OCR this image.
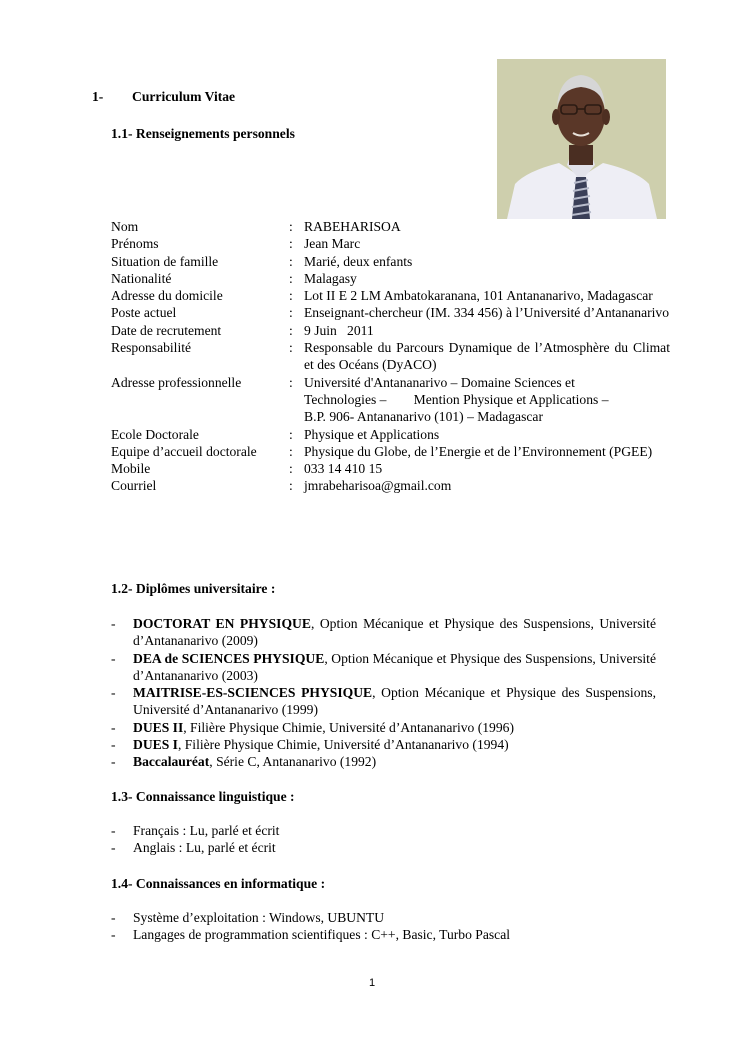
1- Curriculum Vitae
1.1- Renseignements personnels
Nom	: RABEHARISOA
Prénoms	: Jean Marc
Situation de famille	: Marié, deux enfants
Nationalité	: Malagasy
Adresse du domicile	: Lot II E 2 LM Ambatokaranana, 101 Antananarivo, Madagascar
Poste actuel	: Enseignant-chercheur (IM. 334 456) à l’Université d’Antananarivo
Date de recrutement	: 9 Juin   2011
Responsabilité	: Responsable du Parcours Dynamique de l’Atmosphère du Climat et des Océans (DyACO)
Adresse professionnelle	: Université d'Antananarivo – Domaine Sciences et
Technologies –        Mention Physique et Applications –
B.P. 906- Antananarivo (101) – Madagascar
Ecole Doctorale	: Physique et Applications
Equipe d’accueil doctorale	: Physique du Globe, de l’Energie et de l’Environnement (PGEE)
Mobile	: 033 14 410 15
Courriel	: jmrabeharisoa@gmail.com
1.2- Diplômes universitaire :
-	DOCTORAT EN PHYSIQUE, Option Mécanique et Physique des Suspensions, Université d’Antananarivo (2009)
-	DEA de SCIENCES PHYSIQUE, Option Mécanique et Physique des Suspensions, Université d’Antananarivo (2003)
-	MAITRISE-ES-SCIENCES PHYSIQUE, Option Mécanique et Physique des Suspensions, Université d’Antananarivo (1999)
-	DUES II, Filière Physique Chimie, Université d’Antananarivo (1996)
-	DUES I, Filière Physique Chimie, Université d’Antananarivo (1994)
-	Baccalauréat, Série C, Antananarivo (1992)
1.3- Connaissance linguistique :
-	Français : Lu, parlé et écrit
-	Anglais : Lu, parlé et écrit
1.4- Connaissances en informatique :
-	Système d’exploitation : Windows, UBUNTU
-	Langages de programmation scientifiques : C++, Basic, Turbo Pascal
1
